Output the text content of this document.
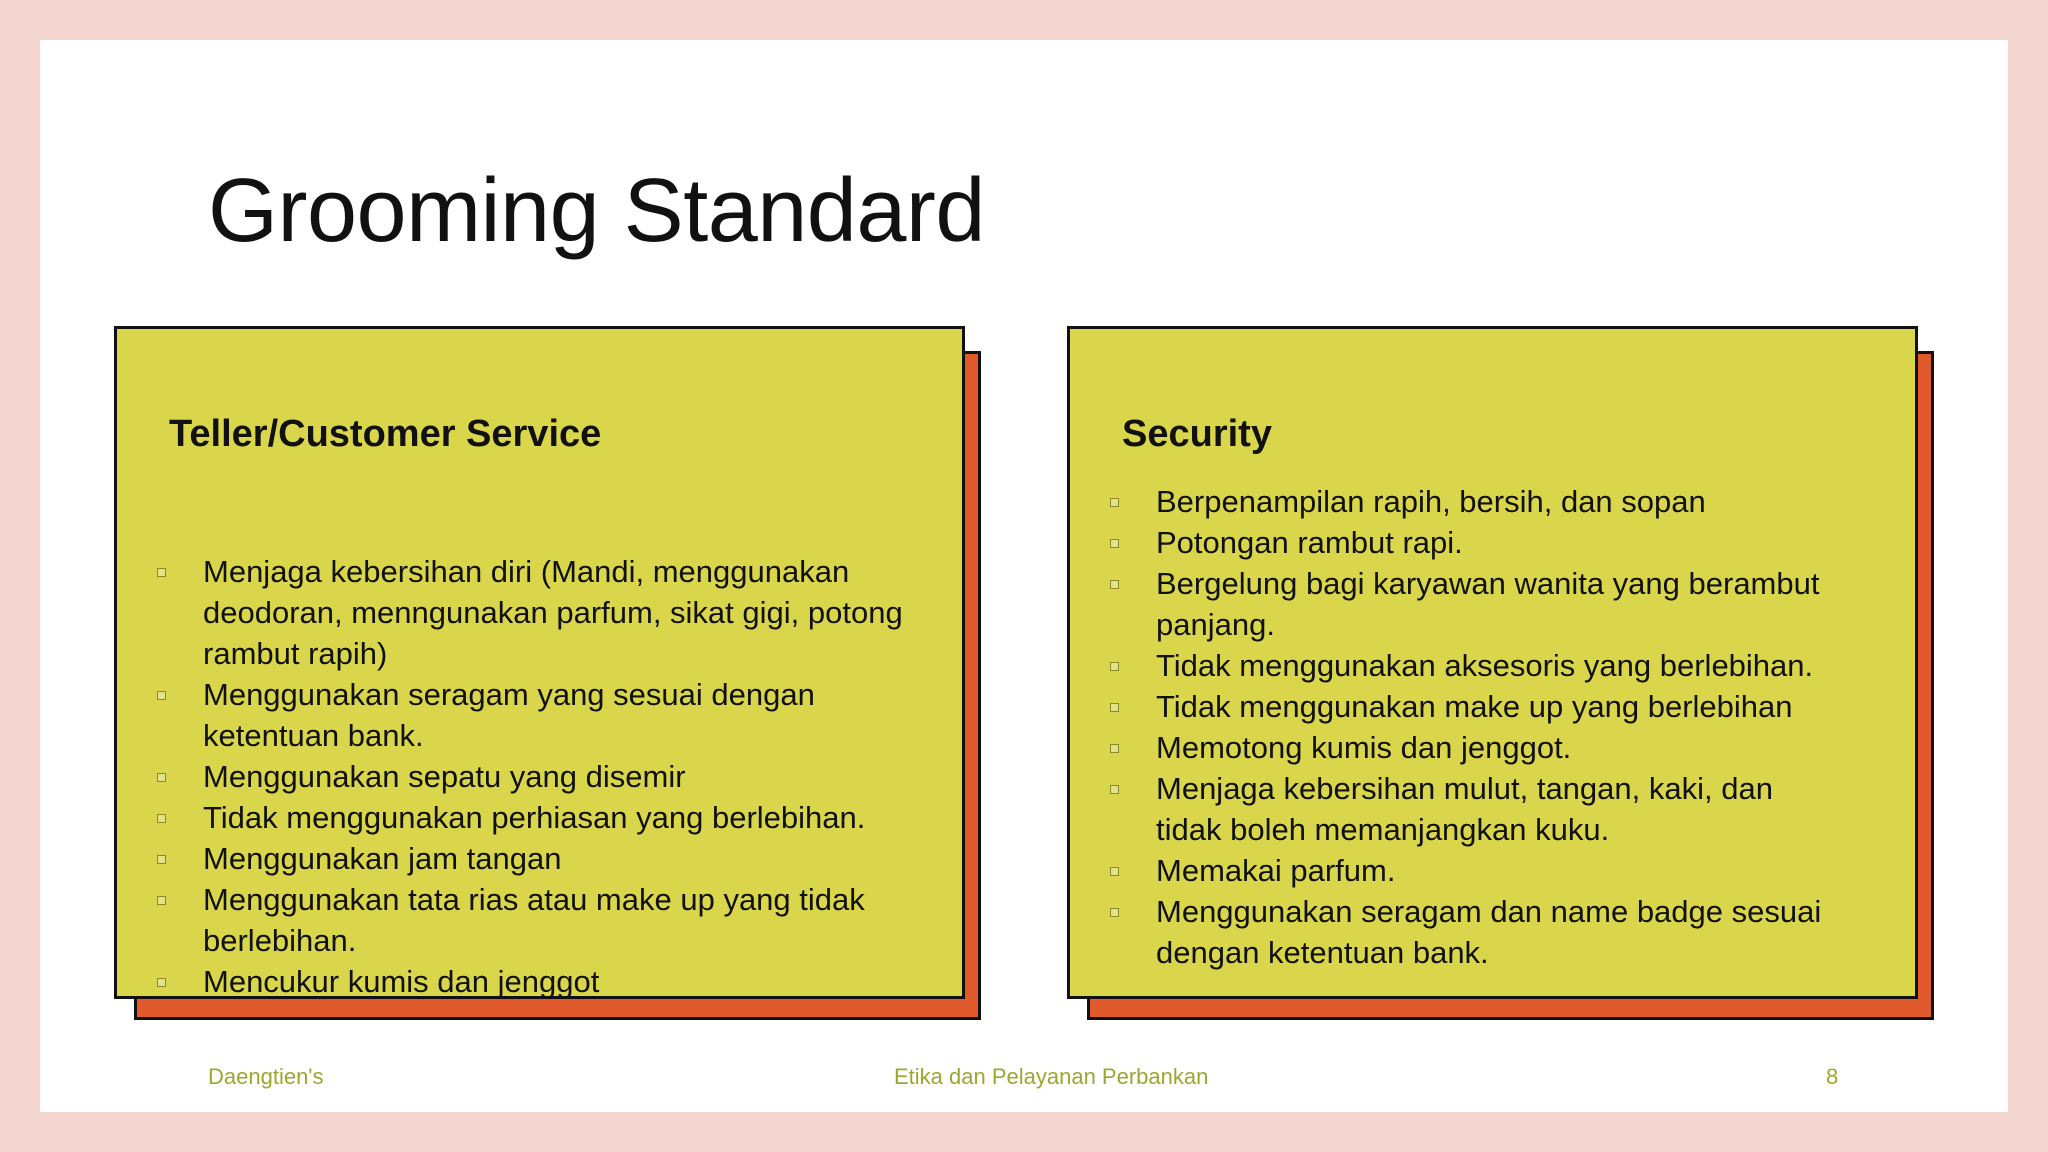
Grooming Standard
Teller/Customer Service
Menjaga kebersihan diri (Mandi, menggunakan
deodoran, menngunakan parfum, sikat gigi, potong
rambut rapih)
Menggunakan seragam yang sesuai dengan
ketentuan bank.
Menggunakan sepatu yang disemir
Tidak menggunakan perhiasan yang berlebihan.
Menggunakan jam tangan
Menggunakan tata rias atau make up yang tidak
berlebihan.
Mencukur kumis dan jenggot
Security
Berpenampilan rapih, bersih, dan sopan
Potongan rambut rapi.
Bergelung bagi karyawan wanita yang berambut
panjang.
Tidak menggunakan aksesoris yang berlebihan.
Tidak menggunakan make up yang berlebihan
Memotong kumis dan jenggot.
Menjaga kebersihan mulut, tangan, kaki, dan
tidak boleh memanjangkan kuku.
Memakai parfum.
Menggunakan seragam dan name badge sesuai
dengan ketentuan bank.
Daengtien's	Etika dan Pelayanan Perbankan	8
